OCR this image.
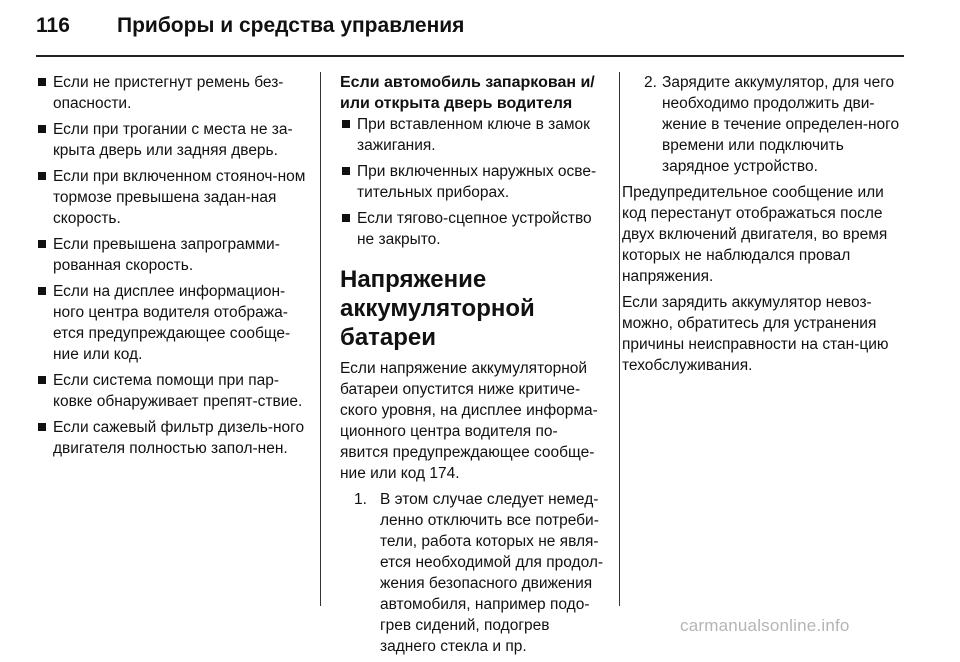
116	Приборы и средства управления
Если не пристегнут ремень без-опасности.
Если при трогании с места не за-крыта дверь или задняя дверь.
Если при включенном стояноч-ном тормозе превышена задан-ная скорость.
Если превышена запрограмми-рованная скорость.
Если на дисплее информацион-ного центра водителя отобража-ется предупреждающее сообще-ние или код.
Если система помощи при пар-ковке обнаруживает препят-ствие.
Если сажевый фильтр дизель-ного двигателя полностью запол-нен.
Если автомобиль запаркован и/или открыта дверь водителя
При вставленном ключе в замок зажигания.
При включенных наружных осве-тительных приборах.
Если тягово-сцепное устройство не закрыто.
Напряжение аккумуляторной батареи

Если напряжение аккумуляторной батареи опустится ниже критиче-ского уровня, на дисплее информа-ционного центра водителя по-явится предупреждающее сообще-ние или код 174.

1. В этом случае следует немед-ленно отключить все потреби-тели, работа которых не явля-ется необходимой для продол-жения безопасного движения автомобиля, например подо-грев сидений, подогрев заднего стекла и пр.
2. Зарядите аккумулятор, для чего необходимо продолжить дви-жение в течение определен-ного времени или подключить зарядное устройство.

Предупредительное сообщение или код перестанут отображаться после двух включений двигателя, во время которых не наблюдался провал напряжения.

Если зарядить аккумулятор невоз-можно, обратитесь для устранения причины неисправности на стан-цию техобслуживания.

carmanualsonline.info
